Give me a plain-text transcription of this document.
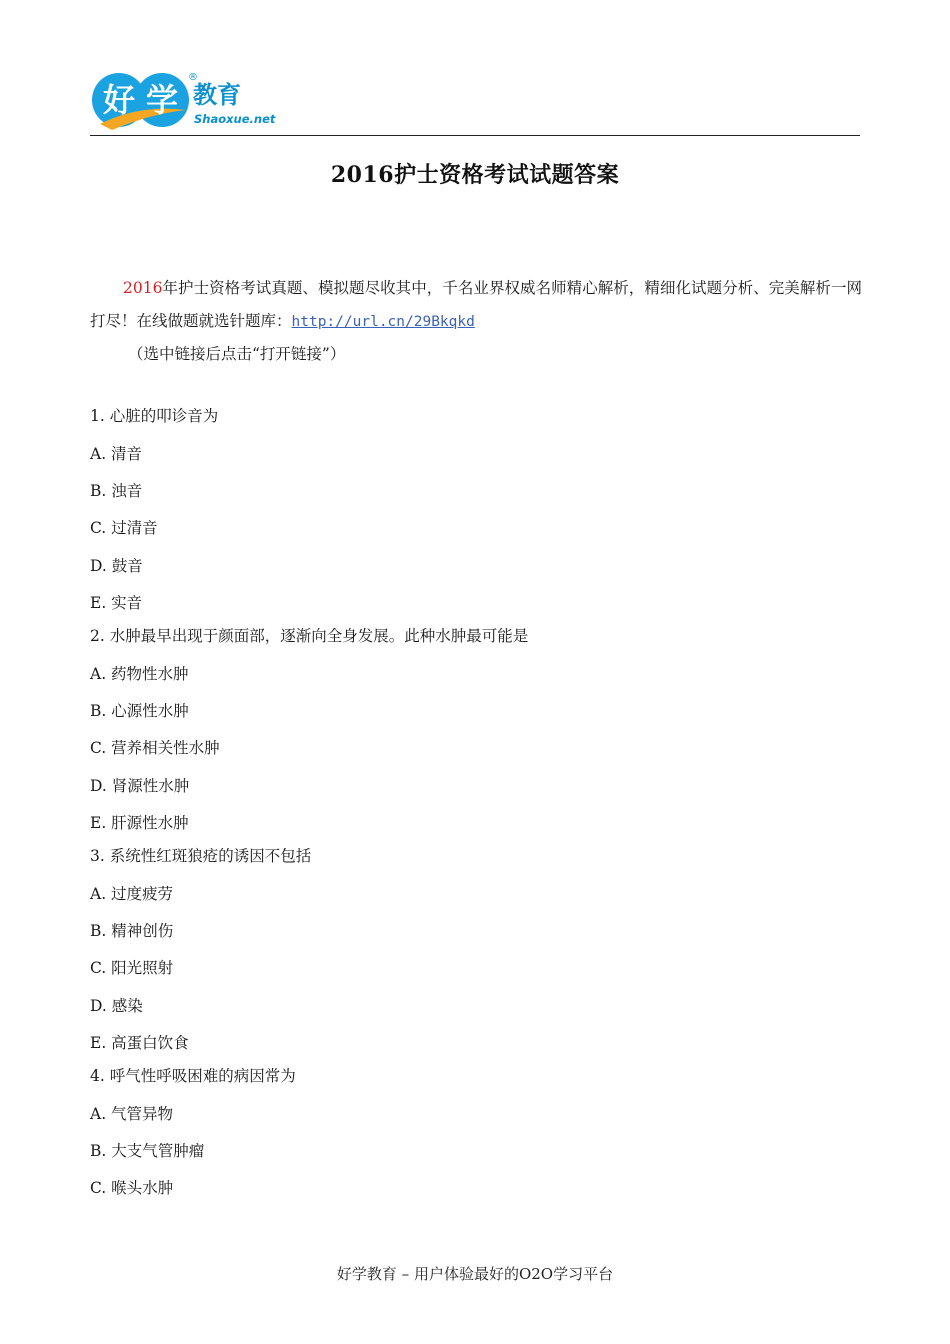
好 学 教育
®
Shaoxue.net
2016护士资格考试试题答案

2016年护士资格考试真题、模拟题尽收其中，千名业界权威名师精心解析，精细化试题分析、完美解析一网打尽！在线做题就选针题库：http://url.cn/29Bkqkd

（选中链接后点击“打开链接”）
1. 心脏的叩诊音为
A. 清音
B. 浊音
C. 过清音
D. 鼓音
E. 实音
2. 水肿最早出现于颜面部，逐渐向全身发展。此种水肿最可能是
A. 药物性水肿
B. 心源性水肿
C. 营养相关性水肿
D. 肾源性水肿
E. 肝源性水肿
3. 系统性红斑狼疮的诱因不包括
A. 过度疲劳
B. 精神创伤
C. 阳光照射
D. 感染
E. 高蛋白饮食
4. 呼气性呼吸困难的病因常为
A. 气管异物
B. 大支气管肿瘤
C. 喉头水肿
好学教育 – 用户体验最好的O2O学习平台
